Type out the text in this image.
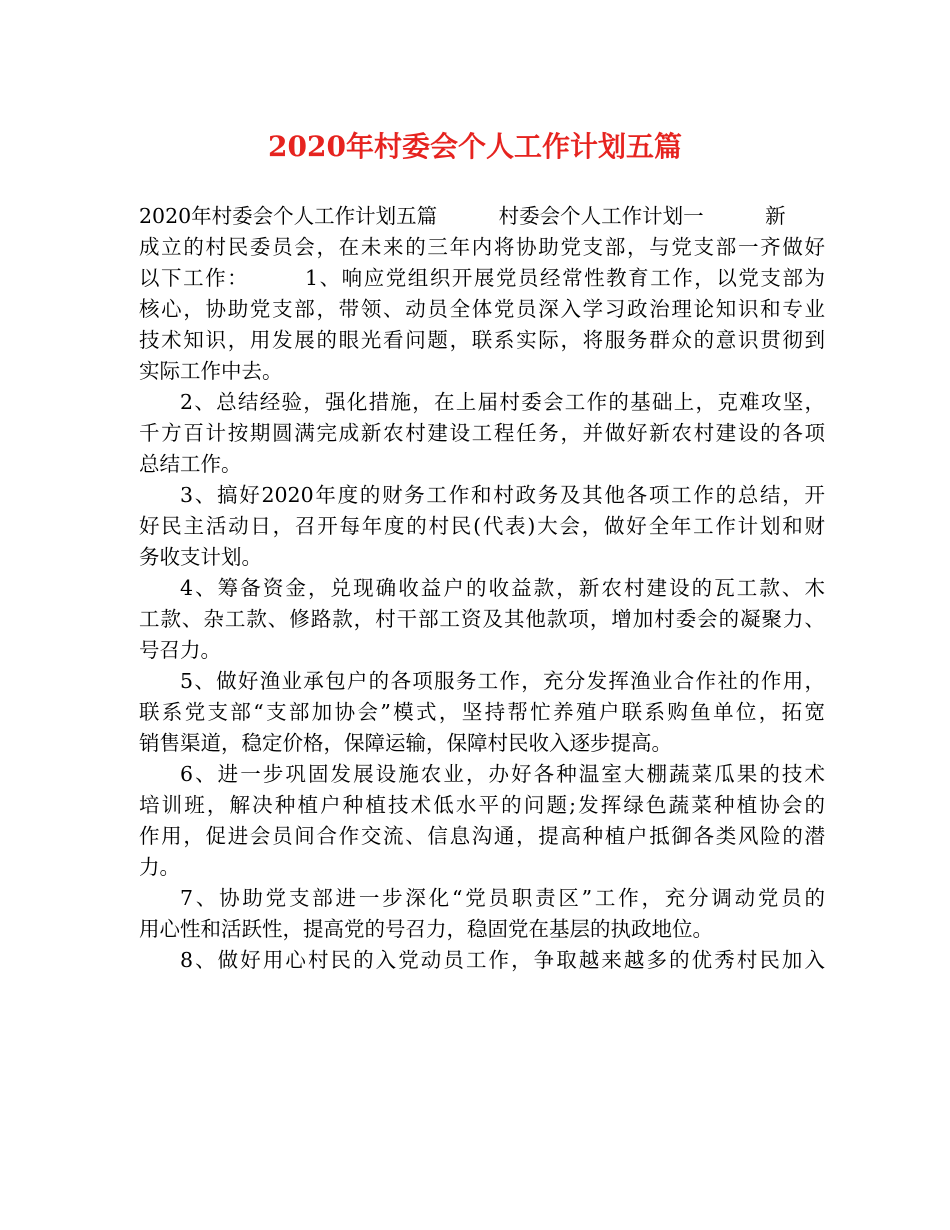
2020年村委会个人工作计划五篇
2020年村委会个人工作计划五篇　　　村委会个人工作计划一　　　新
成立的村民委员会，在未来的三年内将协助党支部，与党支部一齐做好
以下工作：　　　1、响应党组织开展党员经常性教育工作，以党支部为
核心，协助党支部，带领、动员全体党员深入学习政治理论知识和专业
技术知识，用发展的眼光看问题，联系实际，将服务群众的意识贯彻到
实际工作中去。
2、总结经验，强化措施，在上届村委会工作的基础上，克难攻坚，
千方百计按期圆满完成新农村建设工程任务，并做好新农村建设的各项
总结工作。
3、搞好2020年度的财务工作和村政务及其他各项工作的总结，开
好民主活动日，召开每年度的村民(代表)大会，做好全年工作计划和财
务收支计划。
4、筹备资金，兑现确收益户的收益款，新农村建设的瓦工款、木
工款、杂工款、修路款，村干部工资及其他款项，增加村委会的凝聚力、
号召力。
5、做好渔业承包户的各项服务工作，充分发挥渔业合作社的作用，
联系党支部“支部加协会”模式，坚持帮忙养殖户联系购鱼单位，拓宽
销售渠道，稳定价格，保障运输，保障村民收入逐步提高。
6、进一步巩固发展设施农业，办好各种温室大棚蔬菜瓜果的技术
培训班，解决种植户种植技术低水平的问题;发挥绿色蔬菜种植协会的
作用，促进会员间合作交流、信息沟通，提高种植户抵御各类风险的潜
力。
7、协助党支部进一步深化“党员职责区”工作，充分调动党员的
用心性和活跃性，提高党的号召力，稳固党在基层的执政地位。
8、做好用心村民的入党动员工作，争取越来越多的优秀村民加入
